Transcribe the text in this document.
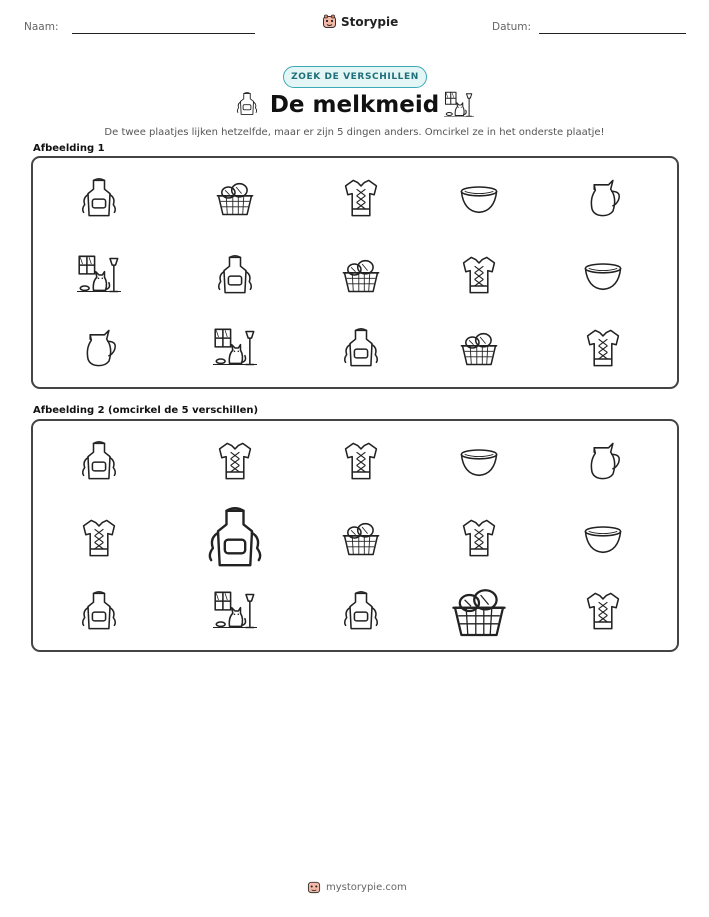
Naam:	Storypie	Datum:
ZOEK DE VERSCHILLEN
De melkmeid
De twee plaatjes lijken hetzelfde, maar er zijn 5 dingen anders. Omcirkel ze in het onderste plaatje!
Afbeelding 1
Afbeelding 2 (omcirkel de 5 verschillen)
mystorypie.com
